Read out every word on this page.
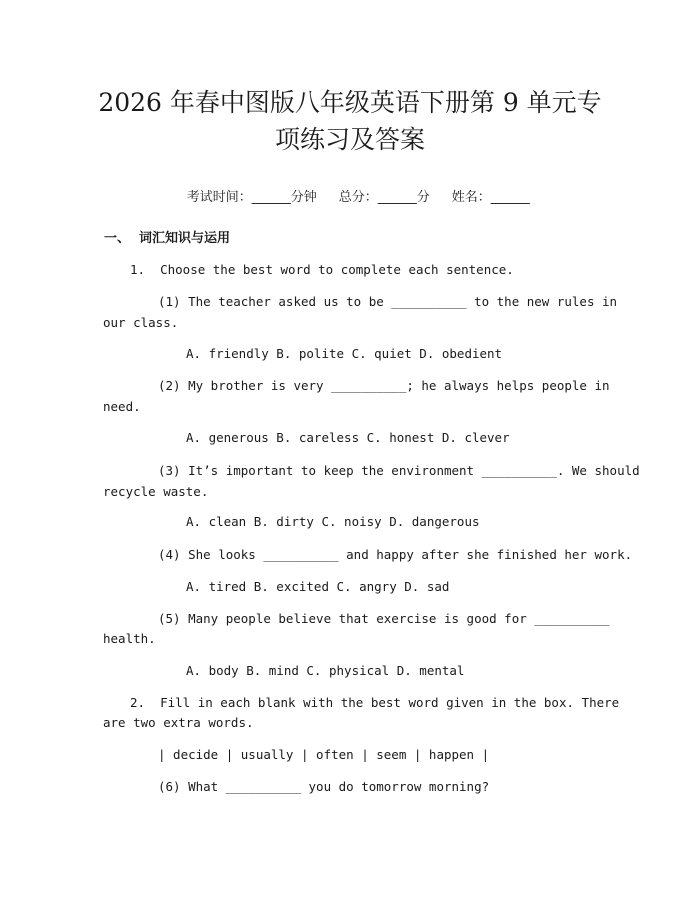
2026 年春中图版八年级英语下册第 9 单元专
项练习及答案

考试时间：______分钟 总分：______分 姓名：______

一、  词汇知识与运用
1.  Choose the best word to complete each sentence.
(1) The teacher asked us to be __________ to the new rules in
our class.
A. friendly B. polite C. quiet D. obedient
(2) My brother is very __________; he always helps people in
need.
A. generous B. careless C. honest D. clever
(3) It’s important to keep the environment __________. We should
recycle waste.
A. clean B. dirty C. noisy D. dangerous
(4) She looks __________ and happy after she finished her work.
A. tired B. excited C. angry D. sad
(5) Many people believe that exercise is good for __________
health.
A. body B. mind C. physical D. mental
2.  Fill in each blank with the best word given in the box. There
are two extra words.
| decide | usually | often | seem | happen |
(6) What __________ you do tomorrow morning?
